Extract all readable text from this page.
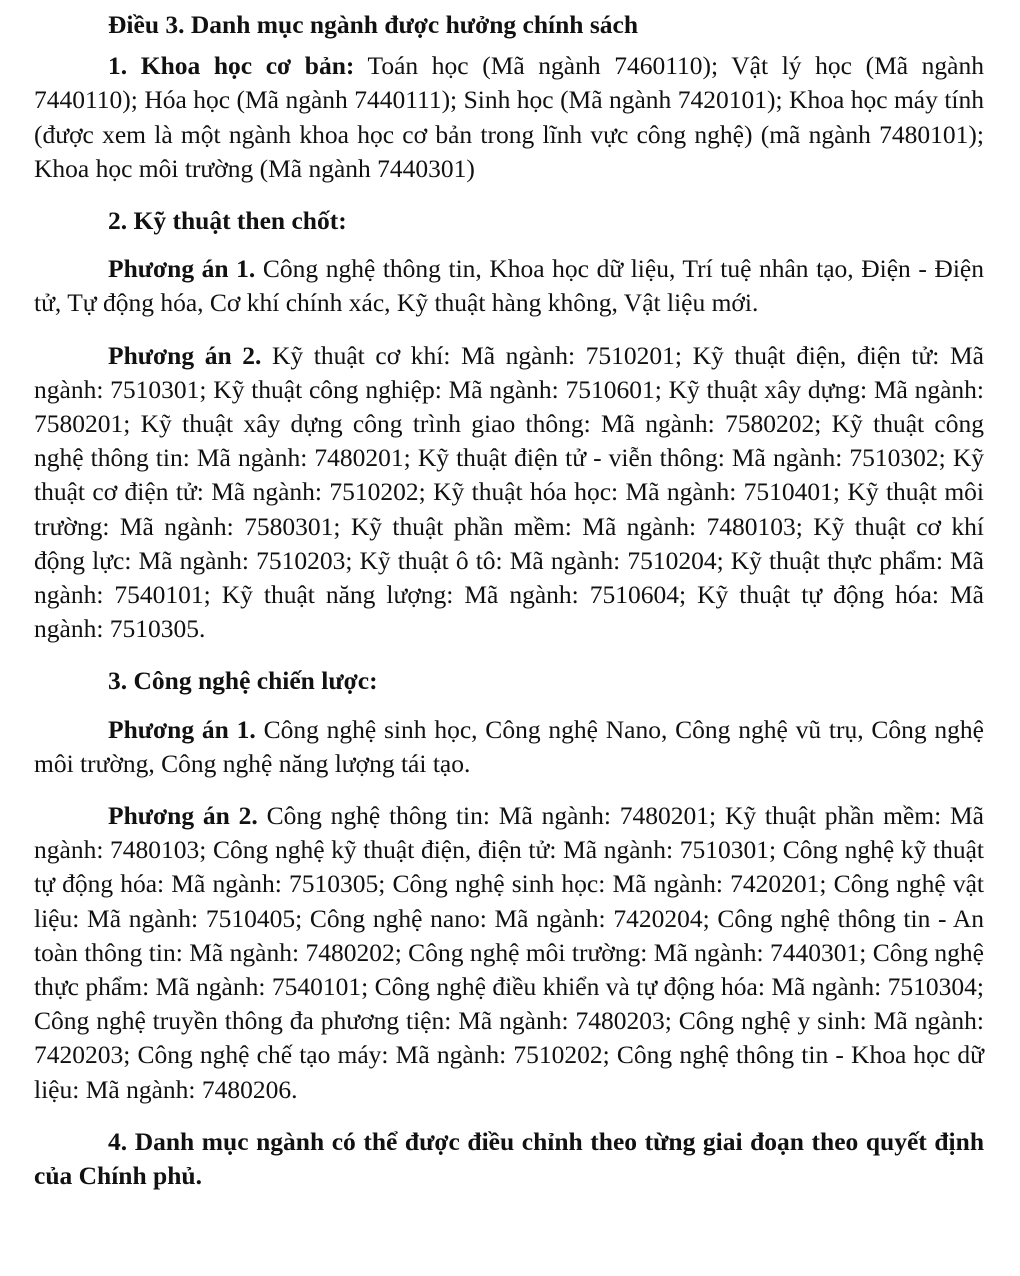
Điều 3. Danh mục ngành được hưởng chính sách

1. Khoa học cơ bản: Toán học (Mã ngành 7460110); Vật lý học (Mã ngành 7440110); Hóa học (Mã ngành 7440111); Sinh học (Mã ngành 7420101); Khoa học máy tính (được xem là một ngành khoa học cơ bản trong lĩnh vực công nghệ) (mã ngành 7480101); Khoa học môi trường (Mã ngành 7440301)

2. Kỹ thuật then chốt:

Phương án 1. Công nghệ thông tin, Khoa học dữ liệu, Trí tuệ nhân tạo, Điện - Điện tử, Tự động hóa, Cơ khí chính xác, Kỹ thuật hàng không, Vật liệu mới.

Phương án 2. Kỹ thuật cơ khí: Mã ngành: 7510201; Kỹ thuật điện, điện tử: Mã ngành: 7510301; Kỹ thuật công nghiệp: Mã ngành: 7510601; Kỹ thuật xây dựng: Mã ngành: 7580201; Kỹ thuật xây dựng công trình giao thông: Mã ngành: 7580202; Kỹ thuật công nghệ thông tin: Mã ngành: 7480201; Kỹ thuật điện tử - viễn thông: Mã ngành: 7510302; Kỹ thuật cơ điện tử: Mã ngành: 7510202; Kỹ thuật hóa học: Mã ngành: 7510401; Kỹ thuật môi trường: Mã ngành: 7580301; Kỹ thuật phần mềm: Mã ngành: 7480103; Kỹ thuật cơ khí động lực: Mã ngành: 7510203; Kỹ thuật ô tô: Mã ngành: 7510204; Kỹ thuật thực phẩm: Mã ngành: 7540101; Kỹ thuật năng lượng: Mã ngành: 7510604; Kỹ thuật tự động hóa: Mã ngành: 7510305.

3. Công nghệ chiến lược:

Phương án 1. Công nghệ sinh học, Công nghệ Nano, Công nghệ vũ trụ, Công nghệ môi trường, Công nghệ năng lượng tái tạo.

Phương án 2. Công nghệ thông tin: Mã ngành: 7480201; Kỹ thuật phần mềm: Mã ngành: 7480103; Công nghệ kỹ thuật điện, điện tử: Mã ngành: 7510301; Công nghệ kỹ thuật tự động hóa: Mã ngành: 7510305; Công nghệ sinh học: Mã ngành: 7420201; Công nghệ vật liệu: Mã ngành: 7510405; Công nghệ nano: Mã ngành: 7420204; Công nghệ thông tin - An toàn thông tin: Mã ngành: 7480202; Công nghệ môi trường: Mã ngành: 7440301; Công nghệ thực phẩm: Mã ngành: 7540101; Công nghệ điều khiển và tự động hóa: Mã ngành: 7510304; Công nghệ truyền thông đa phương tiện: Mã ngành: 7480203; Công nghệ y sinh: Mã ngành: 7420203; Công nghệ chế tạo máy: Mã ngành: 7510202; Công nghệ thông tin - Khoa học dữ liệu: Mã ngành: 7480206.

4. Danh mục ngành có thể được điều chỉnh theo từng giai đoạn theo quyết định của Chính phủ.
